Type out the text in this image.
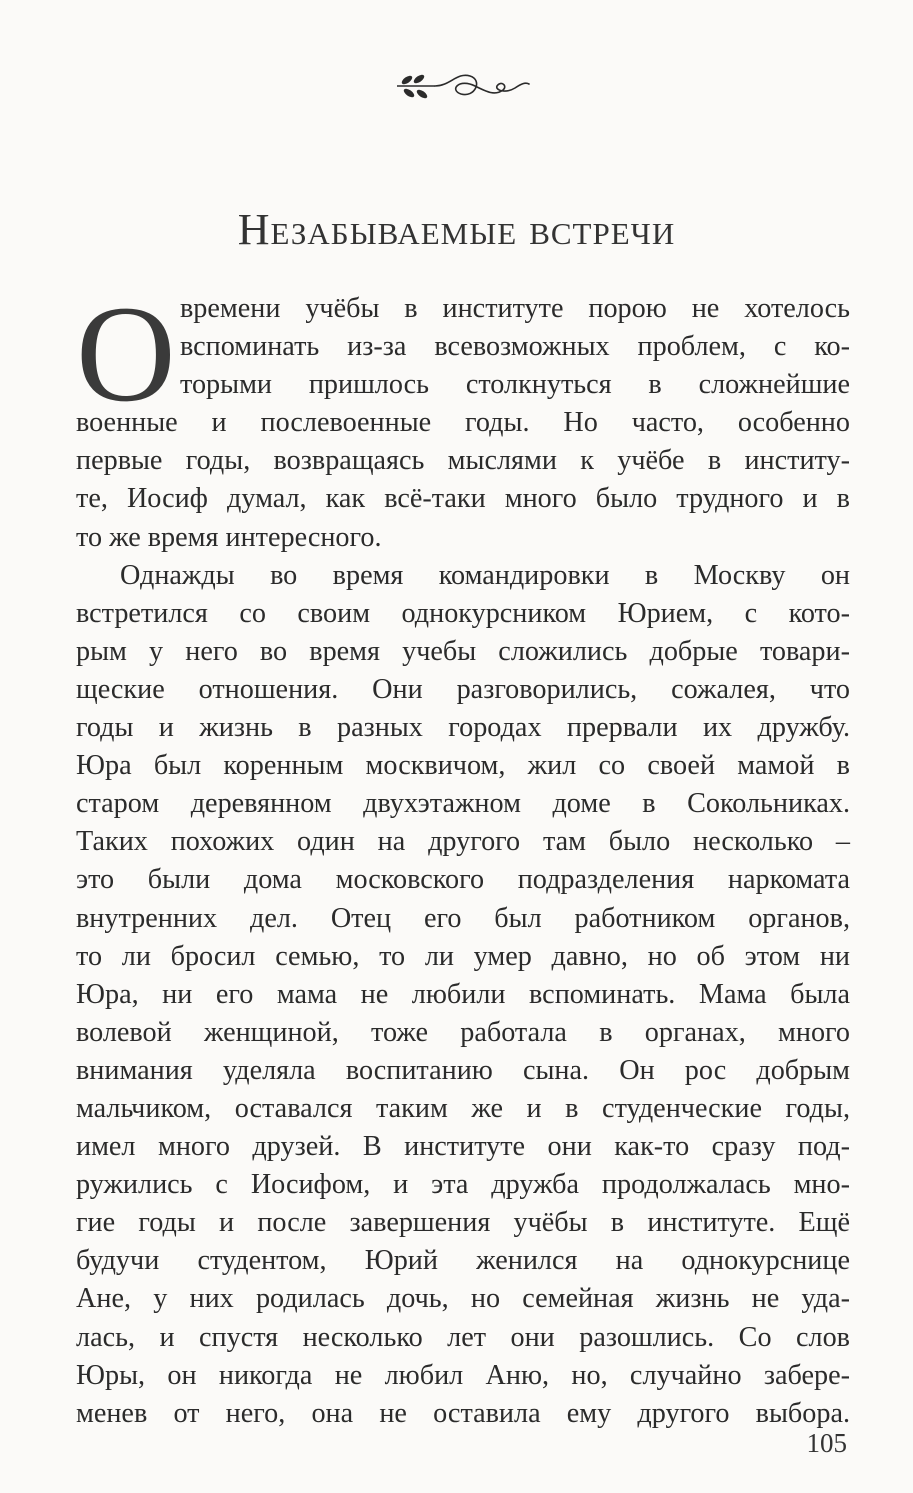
Незабываемые встречи
О времени учёбы в институте порою не хотелось
вспоминать из-за всевозможных проблем, с ко-
торыми пришлось столкнуться в сложнейшие
военные и послевоенные годы. Но часто, особенно
первые годы, возвращаясь мыслями к учёбе в институ-
те, Иосиф думал, как всё-таки много было трудного и в
то же время интересного.
Однажды во время командировки в Москву он
встретился со своим однокурсником Юрием, с кото-
рым у него во время учебы сложились добрые товари-
щеские отношения. Они разговорились, сожалея, что
годы и жизнь в разных городах прервали их дружбу.
Юра был коренным москвичом, жил со своей мамой в
старом деревянном двухэтажном доме в Сокольниках.
Таких похожих один на другого там было несколько –
это были дома московского подразделения наркомата
внутренних дел. Отец его был работником органов,
то ли бросил семью, то ли умер давно, но об этом ни
Юра, ни его мама не любили вспоминать. Мама была
волевой женщиной, тоже работала в органах, много
внимания уделяла воспитанию сына. Он рос добрым
мальчиком, оставался таким же и в студенческие годы,
имел много друзей. В институте они как-то сразу под-
ружились с Иосифом, и эта дружба продолжалась мно-
гие годы и после завершения учёбы в институте. Ещё
будучи студентом, Юрий женился на однокурснице
Ане, у них родилась дочь, но семейная жизнь не уда-
лась, и спустя несколько лет они разошлись. Со слов
Юры, он никогда не любил Аню, но, случайно забере-
менев от него, она не оставила ему другого выбора.
105
